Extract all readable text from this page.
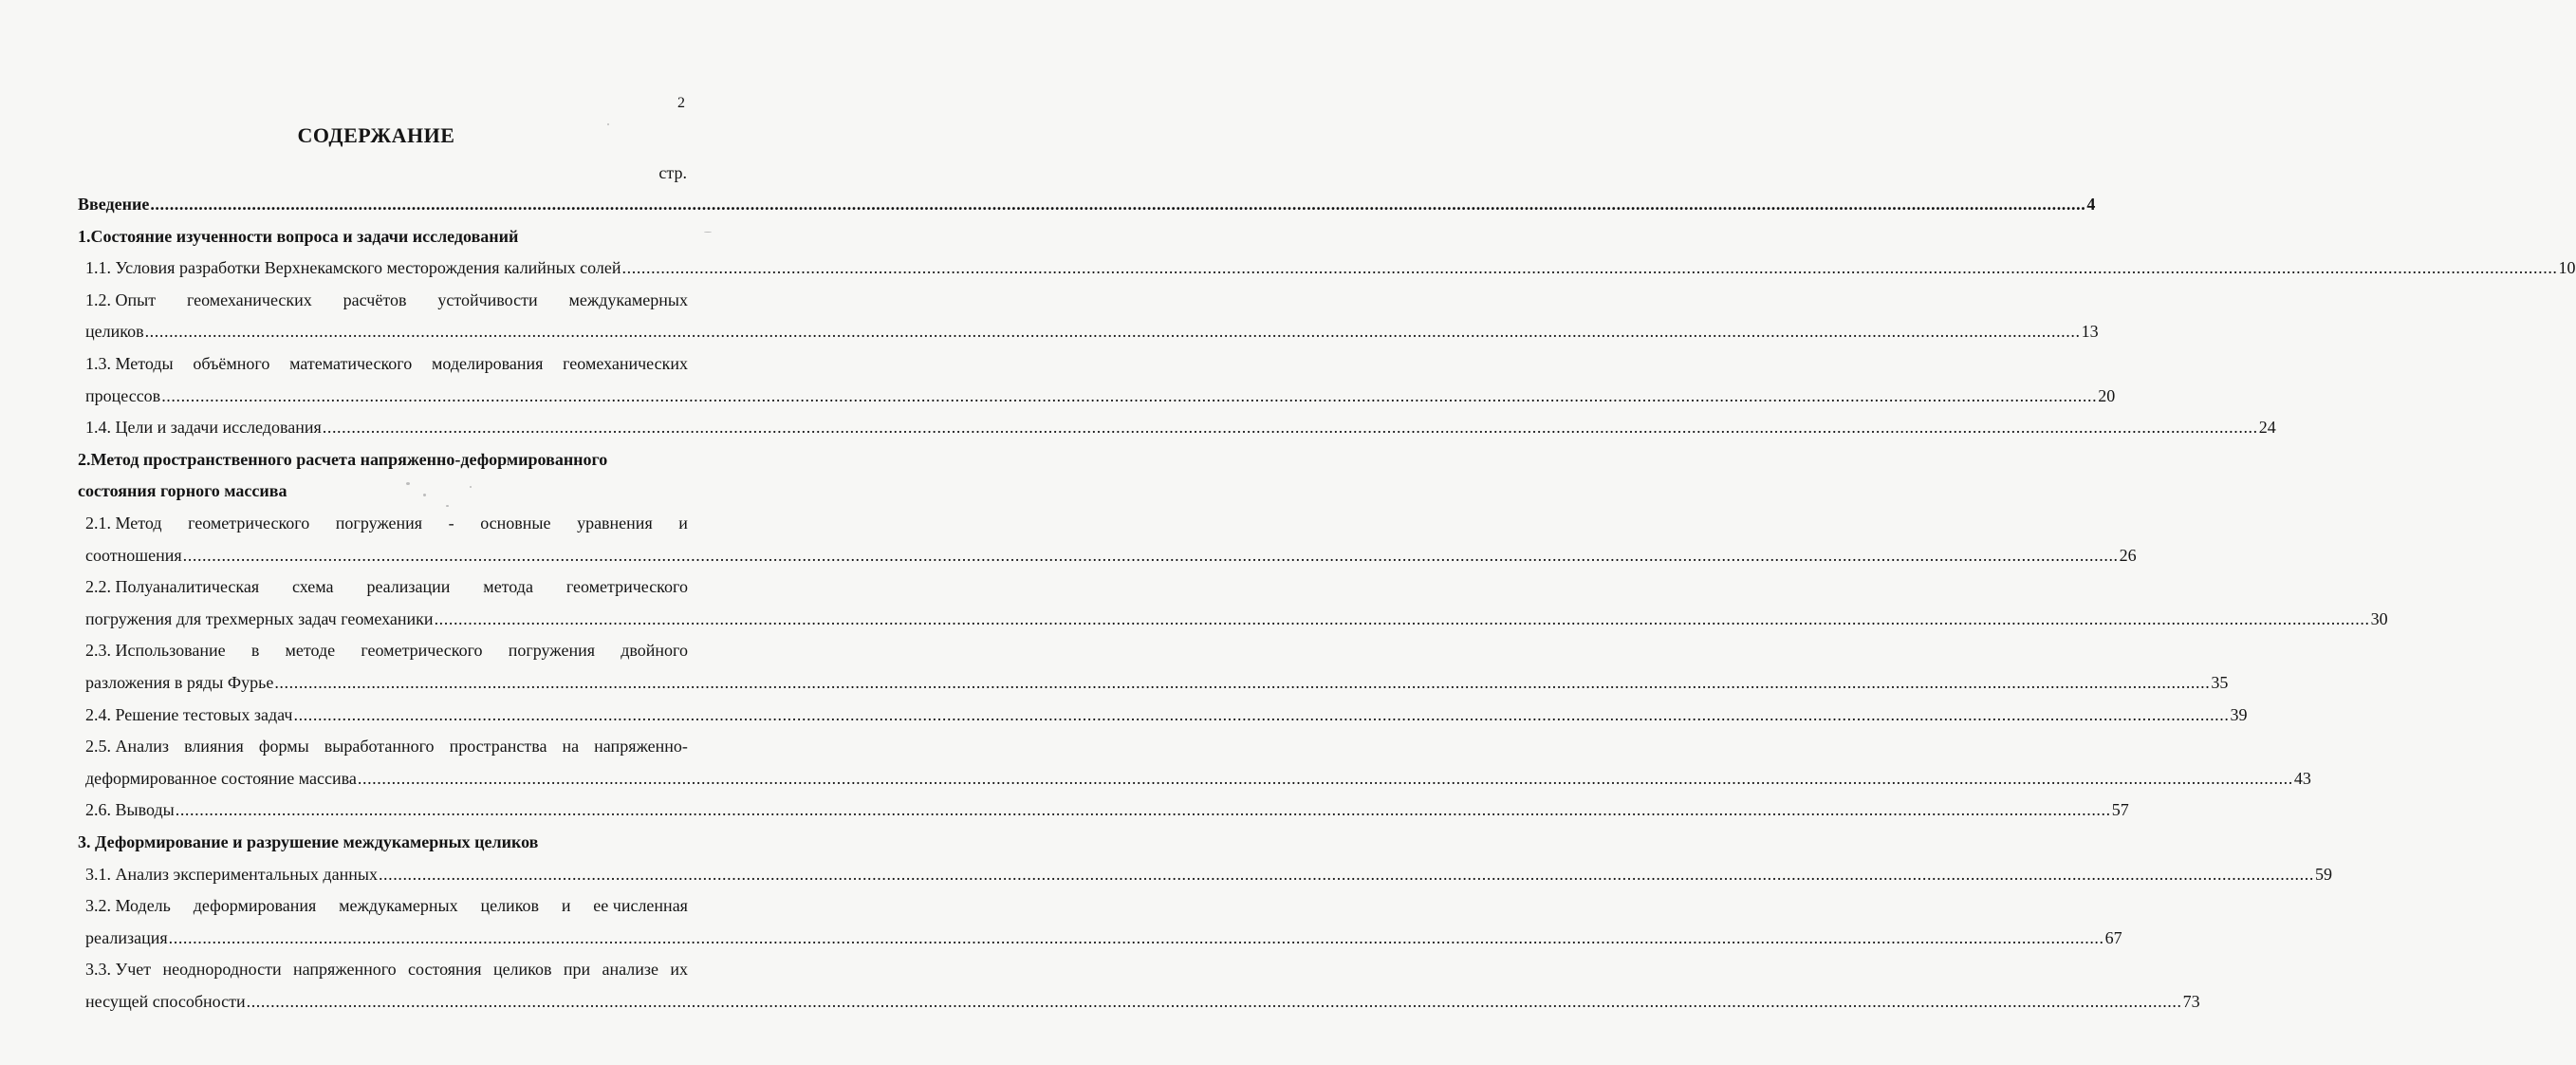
2
СОДЕРЖАНИЕ
стр.
Введение ................................................................................................................................................................................................................................................................................................................................................................................................................ 4
1.Состояние изученности вопроса и задачи исследований
1.1. Условия разработки Верхнекамского месторождения калийных солей ................................................................................................................................................................................................................................................................................................................................................................................................................ 10
1.2. Опыт геомеханических расчётов устойчивости междукамерных
целиков ................................................................................................................................................................................................................................................................................................................................................................................................................ 13
1.3. Методы объёмного математического моделирования геомеханических
процессов ................................................................................................................................................................................................................................................................................................................................................................................................................ 20
1.4. Цели и задачи исследования ................................................................................................................................................................................................................................................................................................................................................................................................................ 24
2.Метод пространственного расчета напряженно-деформированного
состояния горного массива
2.1. Метод геометрического погружения - основные уравнения и
соотношения ................................................................................................................................................................................................................................................................................................................................................................................................................ 26
2.2. Полуаналитическая схема реализации метода геометрического
погружения для трехмерных задач геомеханики ................................................................................................................................................................................................................................................................................................................................................................................................................ 30
2.3. Использование в методе геометрического погружения двойного
разложения в ряды Фурье ................................................................................................................................................................................................................................................................................................................................................................................................................ 35
2.4. Решение тестовых задач ................................................................................................................................................................................................................................................................................................................................................................................................................ 39
2.5. Анализ влияния формы выработанного пространства на напряженно-
деформированное состояние массива ................................................................................................................................................................................................................................................................................................................................................................................................................ 43
2.6. Выводы ................................................................................................................................................................................................................................................................................................................................................................................................................ 57
3. Деформирование и разрушение междукамерных целиков
3.1. Анализ экспериментальных данных ................................................................................................................................................................................................................................................................................................................................................................................................................ 59
3.2. Модель деформирования междукамерных целиков и ее численная
реализация ................................................................................................................................................................................................................................................................................................................................................................................................................ 67
3.3. Учет неоднородности напряженного состояния целиков при анализе их
несущей способности ................................................................................................................................................................................................................................................................................................................................................................................................................ 73
